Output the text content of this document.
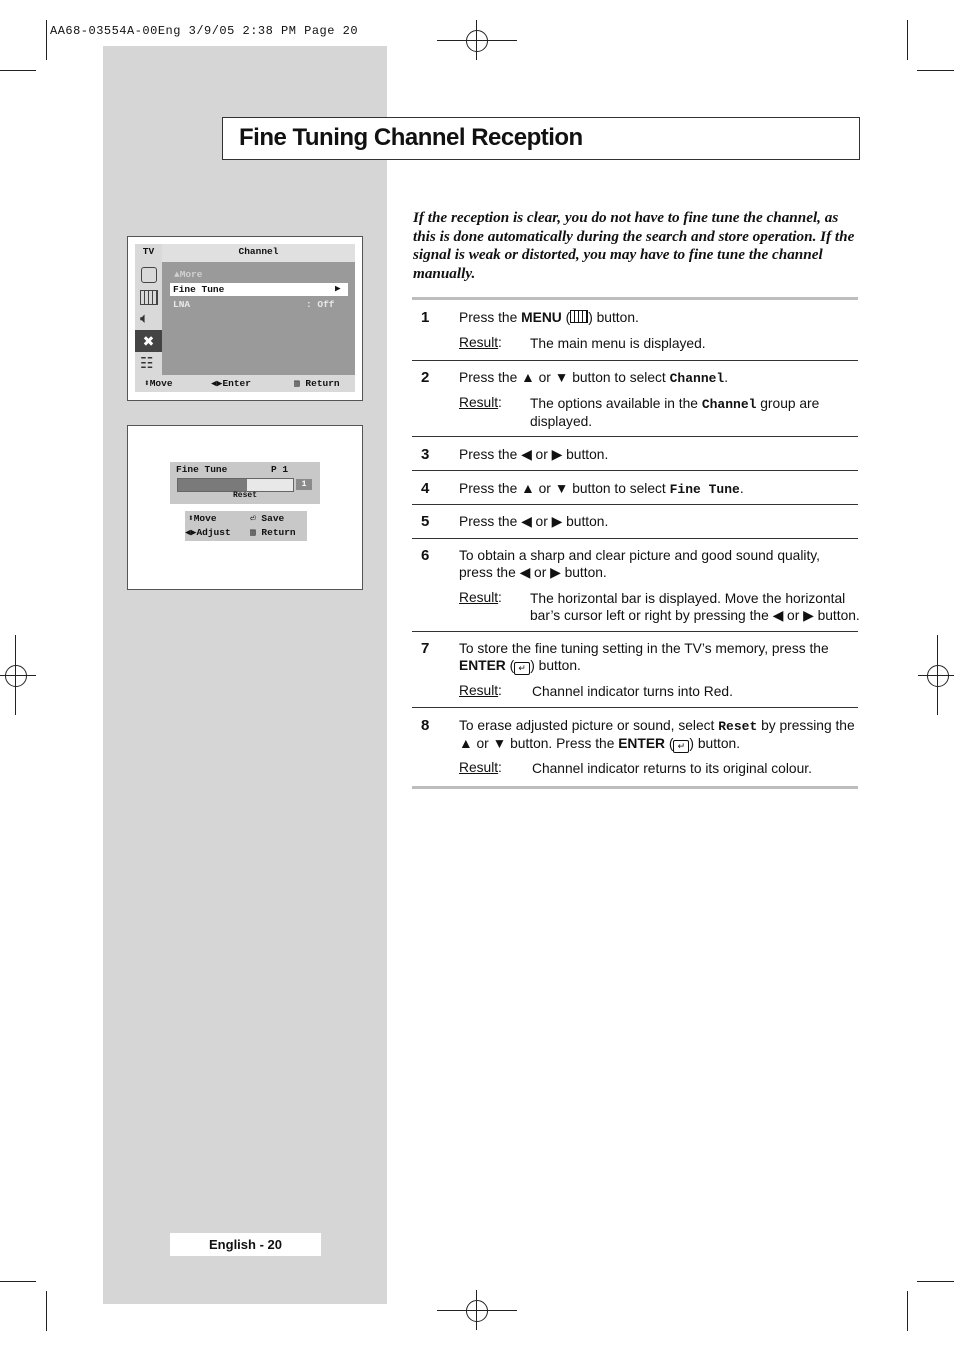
AA68-03554A-00Eng 3/9/05 2:38 PM Page 20
Fine Tuning Channel Reception
TV	Channel
🔈︎
✖
☷
▲More
Fine Tune	▶
LNA	: Off
⬍Move	◀▶Enter	▥ Return
Fine Tune	P 1
1
Reset
⬍Move	⏎ Save
◀▶Adjust ▥ Return
If the reception is clear, you do not have to fine tune the channel, as this is done automatically during the search and store operation. If the signal is weak or distorted, you may have to fine tune the channel manually.
1 Press the MENU ( ) button.
Result : The main menu is displayed.
2 Press the ▲ or ▼ button to select Channel.
Result : The options available in the Channel group are displayed.
3 Press the ◀ or ▶ button.
4 Press the ▲ or ▼ button to select Fine Tune.
5 Press the ◀ or ▶ button.
6 To obtain a sharp and clear picture and good sound quality, press the ◀ or ▶ button.
Result : The horizontal bar is displayed. Move the horizontal bar’s cursor left or right by pressing the ◀ or ▶ button.
7 To store the fine tuning setting in the TV’s memory, press the ENTER ( ↵ ) button.
Result : Channel indicator turns into Red.
8 To erase adjusted picture or sound, select Reset by pressing the ▲ or ▼ button. Press the ENTER ( ↵ ) button.
Result : Channel indicator returns to its original colour.
English - 20
